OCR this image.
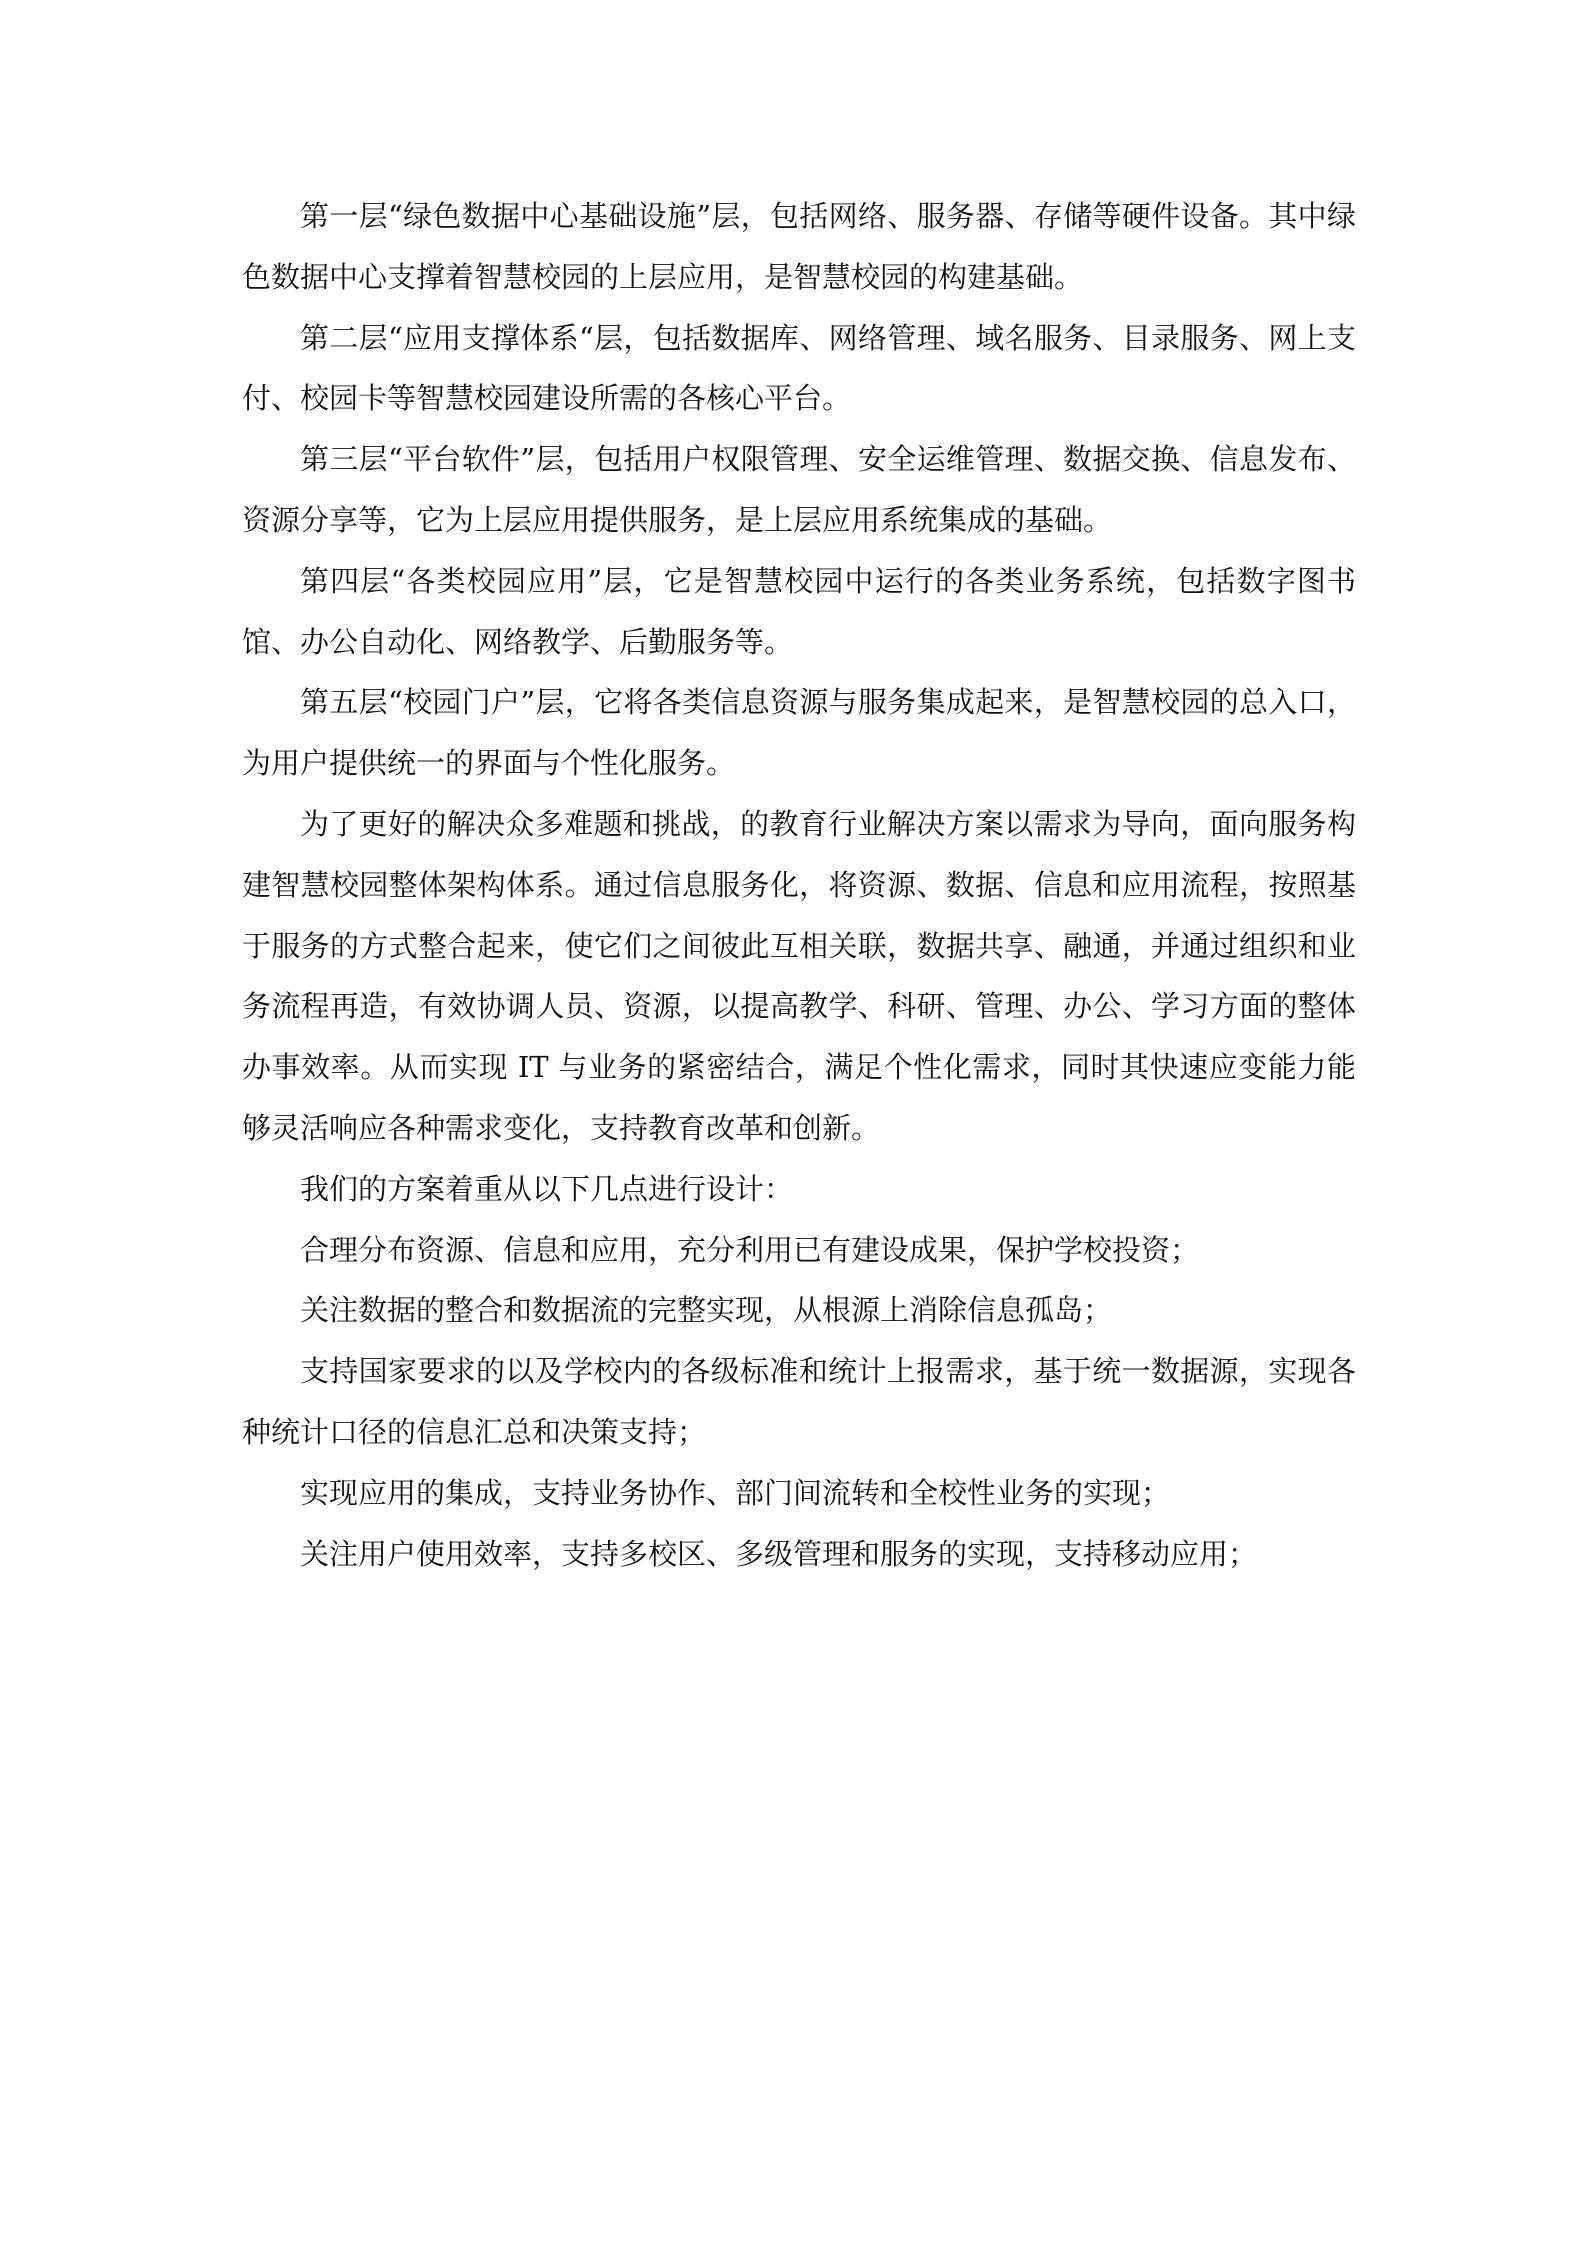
第一层“绿色数据中心基础设施”层，包括网络、服务器、存储等硬件设备。其中绿色数据中心支撑着智慧校园的上层应用，是智慧校园的构建基础。

第二层“应用支撑体系“层，包括数据库、网络管理、域名服务、目录服务、网上支付、校园卡等智慧校园建设所需的各核心平台。

第三层“平台软件”层，包括用户权限管理、安全运维管理、数据交换、信息发布、资源分享等，它为上层应用提供服务，是上层应用系统集成的基础。

第四层“各类校园应用”层，它是智慧校园中运行的各类业务系统，包括数字图书馆、办公自动化、网络教学、后勤服务等。

第五层“校园门户”层，它将各类信息资源与服务集成起来，是智慧校园的总入口，为用户提供统一的界面与个性化服务。

为了更好的解决众多难题和挑战，的教育行业解决方案以需求为导向，面向服务构建智慧校园整体架构体系。通过信息服务化，将资源、数据、信息和应用流程，按照基于服务的方式整合起来，使它们之间彼此互相关联，数据共享、融通，并通过组织和业务流程再造，有效协调人员、资源，以提高教学、科研、管理、办公、学习方面的整体办事效率。从而实现 IT 与业务的紧密结合，满足个性化需求，同时其快速应变能力能够灵活响应各种需求变化，支持教育改革和创新。

我们的方案着重从以下几点进行设计：

合理分布资源、信息和应用，充分利用已有建设成果，保护学校投资；

关注数据的整合和数据流的完整实现，从根源上消除信息孤岛；

支持国家要求的以及学校内的各级标准和统计上报需求，基于统一数据源，实现各种统计口径的信息汇总和决策支持；

实现应用的集成，支持业务协作、部门间流转和全校性业务的实现；

关注用户使用效率，支持多校区、多级管理和服务的实现，支持移动应用；
